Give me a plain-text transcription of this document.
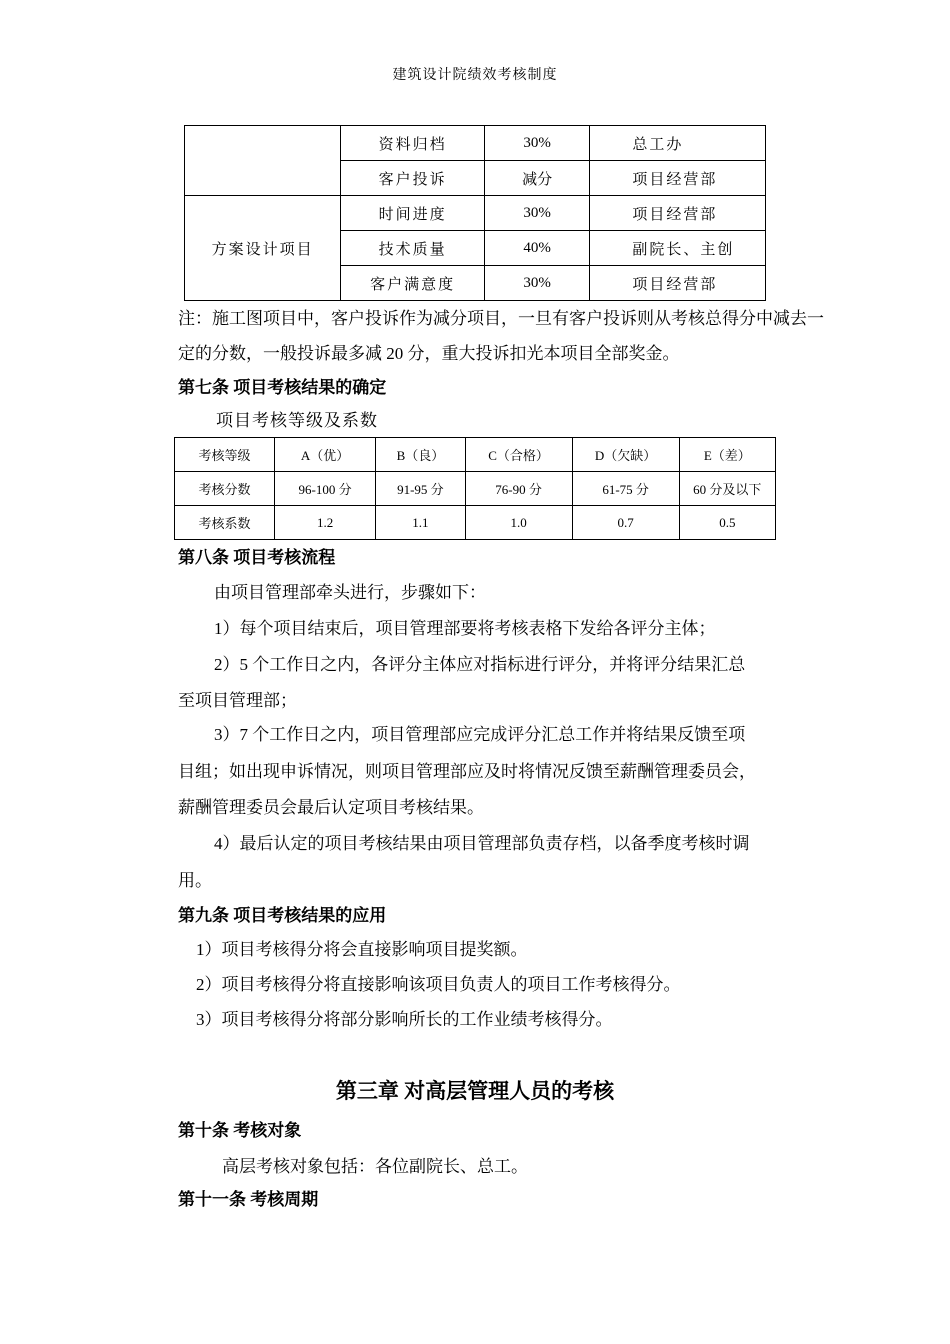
建筑设计院绩效考核制度
	资料归档	30%	总工办
	客户投诉	减分	项目经营部
方案设计项目	时间进度	30%	项目经营部
	技术质量	40%	副院长、主创
	客户满意度	30%	项目经营部
注：施工图项目中，客户投诉作为减分项目，一旦有客户投诉则从考核总得分中减去一
定的分数，一般投诉最多减 20 分，重大投诉扣光本项目全部奖金。
第七条 项目考核结果的确定
项目考核等级及系数
考核等级	A（优）	B（良）	C（合格）	D（欠缺）	E（差）
考核分数	96-100 分	91-95 分	76-90 分	61-75 分	60 分及以下
考核系数	1.2	1.1	1.0	0.7	0.5
第八条 项目考核流程
由项目管理部牵头进行，步骤如下：
1）每个项目结束后，项目管理部要将考核表格下发给各评分主体；
2）5 个工作日之内，各评分主体应对指标进行评分，并将评分结果汇总
至项目管理部；
3）7 个工作日之内，项目管理部应完成评分汇总工作并将结果反馈至项
目组；如出现申诉情况，则项目管理部应及时将情况反馈至薪酬管理委员会，
薪酬管理委员会最后认定项目考核结果。
4）最后认定的项目考核结果由项目管理部负责存档，以备季度考核时调
用。
第九条 项目考核结果的应用
1）项目考核得分将会直接影响项目提奖额。
2）项目考核得分将直接影响该项目负责人的项目工作考核得分。
3）项目考核得分将部分影响所长的工作业绩考核得分。
第三章 对高层管理人员的考核
第十条 考核对象
高层考核对象包括：各位副院长、总工。
第十一条 考核周期
